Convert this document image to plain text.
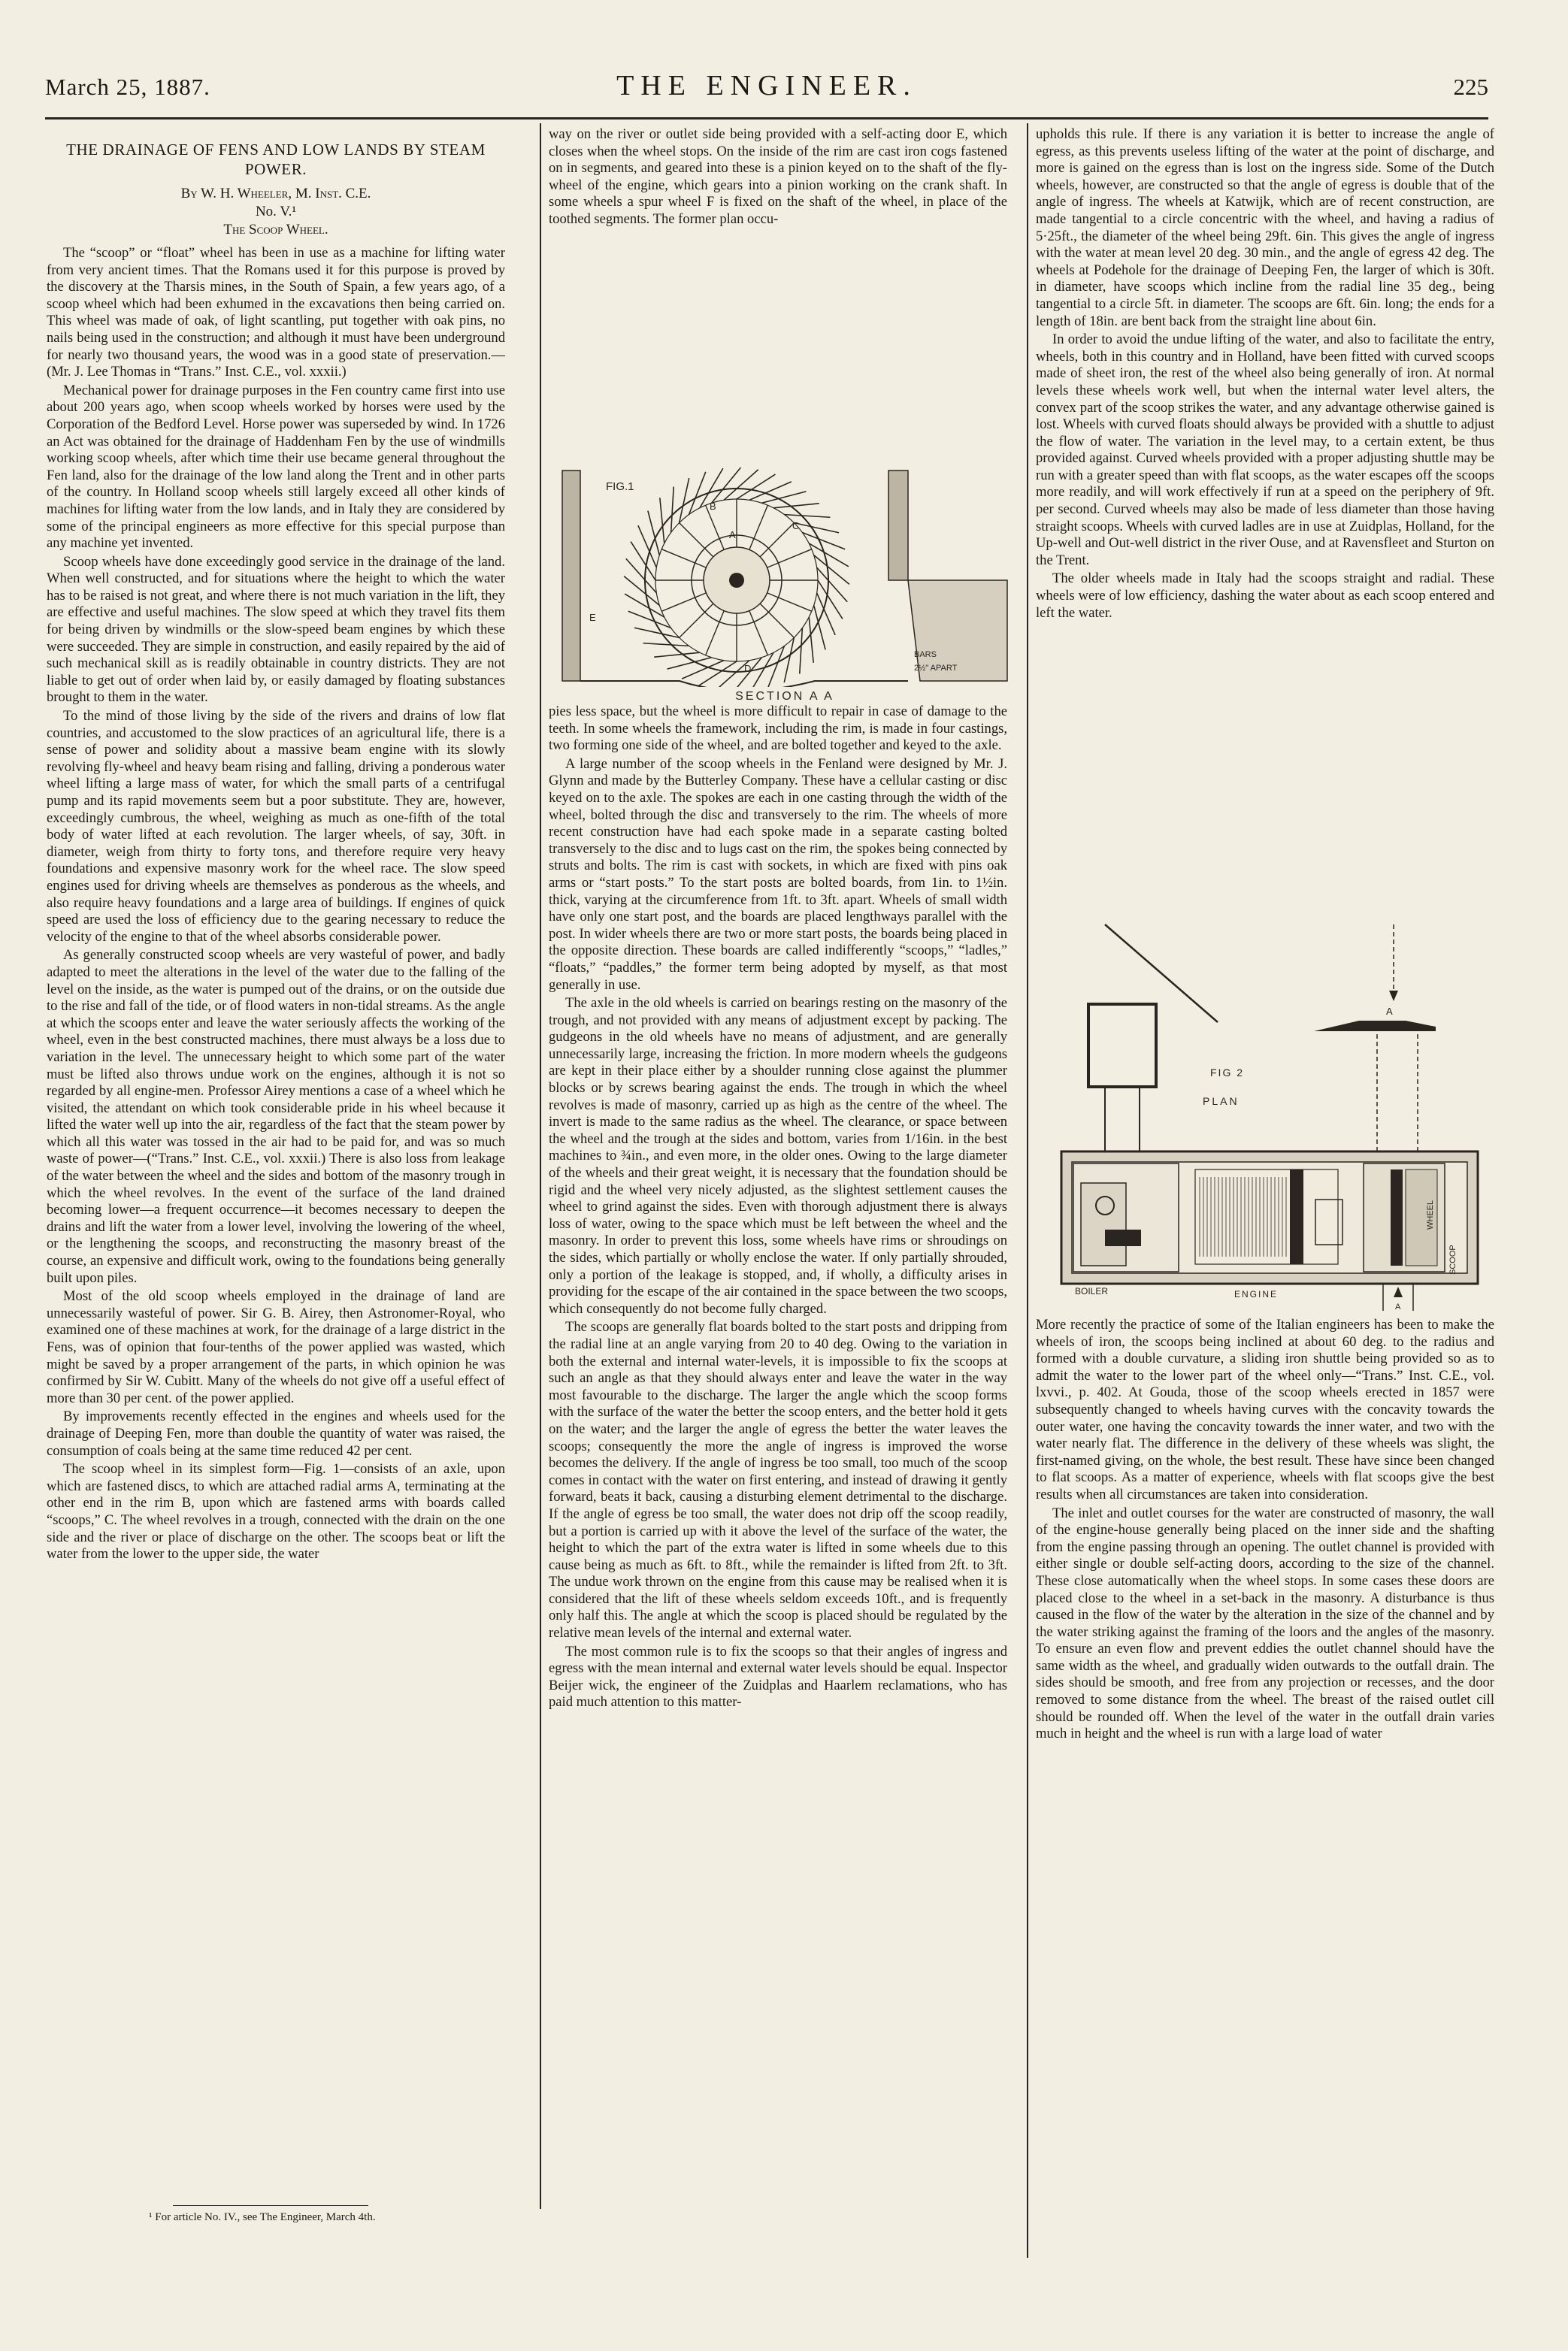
March 25, 1887.	THE ENGINEER.	225
THE DRAINAGE OF FENS AND LOW LANDS BY STEAM POWER.
By W. H. Wheeler, M. Inst. C.E.
No. V.¹
The Scoop Wheel.

The “scoop” or “float” wheel has been in use as a machine for lifting water from very ancient times. That the Romans used it for this purpose is proved by the discovery at the Tharsis mines, in the South of Spain, a few years ago, of a scoop wheel which had been exhumed in the excavations then being carried on. This wheel was made of oak, of light scantling, put together with oak pins, no nails being used in the construction; and although it must have been underground for nearly two thousand years, the wood was in a good state of preservation.—(Mr. J. Lee Thomas in “Trans.” Inst. C.E., vol. xxxii.)

Mechanical power for drainage purposes in the Fen country came first into use about 200 years ago, when scoop wheels worked by horses were used by the Corporation of the Bedford Level. Horse power was superseded by wind. In 1726 an Act was obtained for the drainage of Haddenham Fen by the use of windmills working scoop wheels, after which time their use became general throughout the Fen land, also for the drainage of the low land along the Trent and in other parts of the country. In Holland scoop wheels still largely exceed all other kinds of machines for lifting water from the low lands, and in Italy they are considered by some of the principal engineers as more effective for this special purpose than any machine yet invented.

Scoop wheels have done exceedingly good service in the drainage of the land. When well constructed, and for situations where the height to which the water has to be raised is not great, and where there is not much variation in the lift, they are effective and useful machines. The slow speed at which they travel fits them for being driven by windmills or the slow-speed beam engines by which these were succeeded. They are simple in construction, and easily repaired by the aid of such mechanical skill as is readily obtainable in country districts. They are not liable to get out of order when laid by, or easily damaged by floating substances brought to them in the water.

To the mind of those living by the side of the rivers and drains of low flat countries, and accustomed to the slow practices of an agricultural life, there is a sense of power and solidity about a massive beam engine with its slowly revolving fly-wheel and heavy beam rising and falling, driving a ponderous water wheel lifting a large mass of water, for which the small parts of a centrifugal pump and its rapid movements seem but a poor substitute. They are, however, exceedingly cumbrous, the wheel, weighing as much as one-fifth of the total body of water lifted at each revolution. The larger wheels, of say, 30ft. in diameter, weigh from thirty to forty tons, and therefore require very heavy foundations and expensive masonry work for the wheel race. The slow speed engines used for driving wheels are themselves as ponderous as the wheels, and also require heavy foundations and a large area of buildings. If engines of quick speed are used the loss of efficiency due to the gearing necessary to reduce the velocity of the engine to that of the wheel absorbs considerable power.

As generally constructed scoop wheels are very wasteful of power, and badly adapted to meet the alterations in the level of the water due to the falling of the level on the inside, as the water is pumped out of the drains, or on the outside due to the rise and fall of the tide, or of flood waters in non-tidal streams. As the angle at which the scoops enter and leave the water seriously affects the working of the wheel, even in the best constructed machines, there must always be a loss due to variation in the level. The unnecessary height to which some part of the water must be lifted also throws undue work on the engines, although it is not so regarded by all engine-men. Professor Airey mentions a case of a wheel which he visited, the attendant on which took considerable pride in his wheel because it lifted the water well up into the air, regardless of the fact that the steam power by which all this water was tossed in the air had to be paid for, and was so much waste of power—(“Trans.” Inst. C.E., vol. xxxii.) There is also loss from leakage of the water between the wheel and the sides and bottom of the masonry trough in which the wheel revolves. In the event of the surface of the land drained becoming lower—a frequent occurrence—it becomes necessary to deepen the drains and lift the water from a lower level, involving the lowering of the wheel, or the lengthening the scoops, and reconstructing the masonry breast of the course, an expensive and difficult work, owing to the foundations being generally built upon piles.

Most of the old scoop wheels employed in the drainage of land are unnecessarily wasteful of power. Sir G. B. Airey, then Astronomer-Royal, who examined one of these machines at work, for the drainage of a large district in the Fens, was of opinion that four-tenths of the power applied was wasted, which might be saved by a proper arrangement of the parts, in which opinion he was confirmed by Sir W. Cubitt. Many of the wheels do not give off a useful effect of more than 30 per cent. of the power applied.

By improvements recently effected in the engines and wheels used for the drainage of Deeping Fen, more than double the quantity of water was raised, the consumption of coals being at the same time reduced 42 per cent.

The scoop wheel in its simplest form—Fig. 1—consists of an axle, upon which are fastened discs, to which are attached radial arms A, terminating at the other end in the rim B, upon which are fastened arms with boards called “scoops,” C. The wheel revolves in a trough, connected with the drain on the one side and the river or place of discharge on the other. The scoops beat or lift the water from the lower to the upper side, the water

¹ For article No. IV., see The Engineer, March 4th.

way on the river or outlet side being provided with a self-acting door E, which closes when the wheel stops. On the inside of the rim are cast iron cogs fastened on in segments, and geared into these is a pinion keyed on to the shaft of the fly-wheel of the engine, which gears into a pinion working on the crank shaft. In some wheels a spur wheel F is fixed on the shaft of the wheel, in place of the toothed segments. The former plan occu-

FIG.1
A
B
C
D
E
BARS
2½" APART
SECTION A A

pies less space, but the wheel is more difficult to repair in case of damage to the teeth. In some wheels the framework, including the rim, is made in four castings, two forming one side of the wheel, and are bolted together and keyed to the axle.

A large number of the scoop wheels in the Fenland were designed by Mr. J. Glynn and made by the Butterley Company. These have a cellular casting or disc keyed on to the axle. The spokes are each in one casting through the width of the wheel, bolted through the disc and transversely to the rim. The wheels of more recent construction have had each spoke made in a separate casting bolted transversely to the disc and to lugs cast on the rim, the spokes being connected by struts and bolts. The rim is cast with sockets, in which are fixed with pins oak arms or “start posts.” To the start posts are bolted boards, from 1in. to 1½in. thick, varying at the circumference from 1ft. to 3ft. apart. Wheels of small width have only one start post, and the boards are placed lengthways parallel with the post. In wider wheels there are two or more start posts, the boards being placed in the opposite direction. These boards are called indifferently “scoops,” “ladles,” “floats,” “paddles,” the former term being adopted by myself, as that most generally in use.

The axle in the old wheels is carried on bearings resting on the masonry of the trough, and not provided with any means of adjustment except by packing. The gudgeons in the old wheels have no means of adjustment, and are generally unnecessarily large, increasing the friction. In more modern wheels the gudgeons are kept in their place either by a shoulder running close against the plummer blocks or by screws bearing against the ends. The trough in which the wheel revolves is made of masonry, carried up as high as the centre of the wheel. The invert is made to the same radius as the wheel. The clearance, or space between the wheel and the trough at the sides and bottom, varies from 1/16in. in the best machines to ¾in., and even more, in the older ones. Owing to the large diameter of the wheels and their great weight, it is necessary that the foundation should be rigid and the wheel very nicely adjusted, as the slightest settlement causes the wheel to grind against the sides. Even with thorough adjustment there is always loss of water, owing to the space which must be left between the wheel and the masonry. In order to prevent this loss, some wheels have rims or shroudings on the sides, which partially or wholly enclose the water. If only partially shrouded, only a portion of the leakage is stopped, and, if wholly, a difficulty arises in providing for the escape of the air contained in the space between the two scoops, which consequently do not become fully charged.

The scoops are generally flat boards bolted to the start posts and dripping from the radial line at an angle varying from 20 to 40 deg. Owing to the variation in both the external and internal water-levels, it is impossible to fix the scoops at such an angle as that they should always enter and leave the water in the way most favourable to the discharge. The larger the angle which the scoop forms with the surface of the water the better the scoop enters, and the better hold it gets on the water; and the larger the angle of egress the better the water leaves the scoops; consequently the more the angle of ingress is improved the worse becomes the delivery. If the angle of ingress be too small, too much of the scoop comes in contact with the water on first entering, and instead of drawing it gently forward, beats it back, causing a disturbing element detrimental to the discharge. If the angle of egress be too small, the water does not drip off the scoop readily, but a portion is carried up with it above the level of the surface of the water, the height to which the part of the extra water is lifted in some wheels due to this cause being as much as 6ft. to 8ft., while the remainder is lifted from 2ft. to 3ft. The undue work thrown on the engine from this cause may be realised when it is considered that the lift of these wheels seldom exceeds 10ft., and is frequently only half this. The angle at which the scoop is placed should be regulated by the relative mean levels of the internal and external water.

The most common rule is to fix the scoops so that their angles of ingress and egress with the mean internal and external water levels should be equal. Inspector Beijer wick, the engineer of the Zuidplas and Haarlem reclamations, who has paid much attention to this matter-

upholds this rule. If there is any variation it is better to increase the angle of egress, as this prevents useless lifting of the water at the point of discharge, and more is gained on the egress than is lost on the ingress side. Some of the Dutch wheels, however, are constructed so that the angle of egress is double that of the angle of ingress. The wheels at Katwijk, which are of recent construction, are made tangential to a circle concentric with the wheel, and having a radius of 5·25ft., the diameter of the wheel being 29ft. 6in. This gives the angle of ingress with the water at mean level 20 deg. 30 min., and the angle of egress 42 deg. The wheels at Podehole for the drainage of Deeping Fen, the larger of which is 30ft. in diameter, have scoops which incline from the radial line 35 deg., being tangential to a circle 5ft. in diameter. The scoops are 6ft. 6in. long; the ends for a length of 18in. are bent back from the straight line about 6in.

In order to avoid the undue lifting of the water, and also to facilitate the entry, wheels, both in this country and in Holland, have been fitted with curved scoops made of sheet iron, the rest of the wheel also being generally of iron. At normal levels these wheels work well, but when the internal water level alters, the convex part of the scoop strikes the water, and any advantage otherwise gained is lost. Wheels with curved floats should always be provided with a shuttle to adjust the flow of water. The variation in the level may, to a certain extent, be thus provided against. Curved wheels provided with a proper adjusting shuttle may be run with a greater speed than with flat scoops, as the water escapes off the scoops more readily, and will work effectively if run at a speed on the periphery of 9ft. per second. Curved wheels may also be made of less diameter than those having straight scoops. Wheels with curved ladles are in use at Zuidplas, Holland, for the Up-well and Out-well district in the river Ouse, and at Ravensfleet and Sturton on the Trent.

The older wheels made in Italy had the scoops straight and radial. These wheels were of low efficiency, dashing the water about as each scoop entered and left the water.

A
FIG 2
PLAN
BOILER	ENGINE
WHEEL
SCOOP
A

More recently the practice of some of the Italian engineers has been to make the wheels of iron, the scoops being inclined at about 60 deg. to the radius and formed with a double curvature, a sliding iron shuttle being provided so as to admit the water to the lower part of the wheel only—“Trans.” Inst. C.E., vol. lxvvi., p. 402. At Gouda, those of the scoop wheels erected in 1857 were subsequently changed to wheels having curves with the concavity towards the outer water, one having the concavity towards the inner water, and two with the water nearly flat. The difference in the delivery of these wheels was slight, the first-named giving, on the whole, the best result. These have since been changed to flat scoops. As a matter of experience, wheels with flat scoops give the best results when all circumstances are taken into consideration.

The inlet and outlet courses for the water are constructed of masonry, the wall of the engine-house generally being placed on the inner side and the shafting from the engine passing through an opening. The outlet channel is provided with either single or double self-acting doors, according to the size of the channel. These close automatically when the wheel stops. In some cases these doors are placed close to the wheel in a set-back in the masonry. A disturbance is thus caused in the flow of the water by the alteration in the size of the channel and by the water striking against the framing of the loors and the angles of the masonry. To ensure an even flow and prevent eddies the outlet channel should have the same width as the wheel, and gradually widen outwards to the outfall drain. The sides should be smooth, and free from any projection or recesses, and the door removed to some distance from the wheel. The breast of the raised outlet cill should be rounded off. When the level of the water in the outfall drain varies much in height and the wheel is run with a large load of water
